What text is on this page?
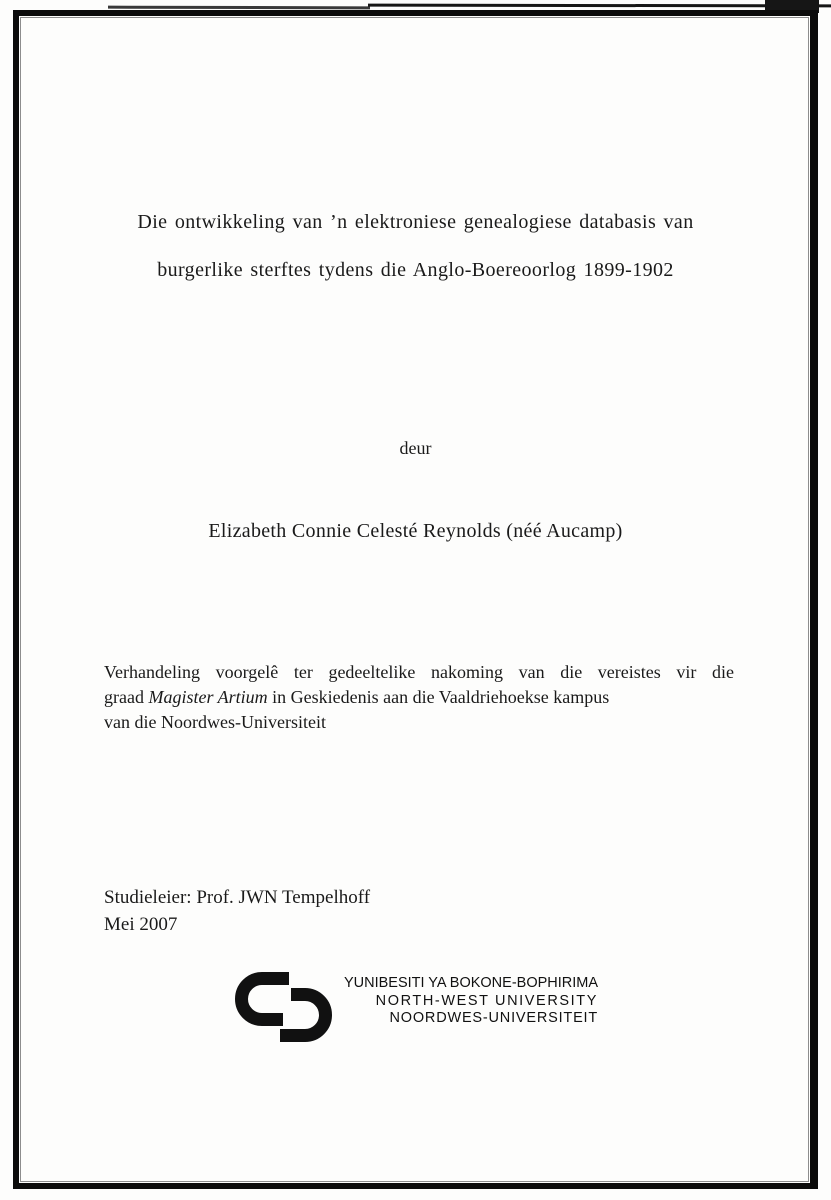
Die ontwikkeling van ’n elektroniese genealogiese databasis van
burgerlike sterftes tydens die Anglo-Boereoorlog 1899-1902

deur

Elizabeth Connie Celesté Reynolds (néé Aucamp)

Verhandeling voorgelê ter gedeeltelike nakoming van die vereistes vir die

graad Magister Artium in Geskiedenis aan die Vaaldriehoekse kampus

van die Noordwes-Universiteit

Studieleier: Prof. JWN Tempelhoff

Mei 2007

YUNIBESITI YA BOKONE-BOPHIRIMA
NORTH-WEST UNIVERSITY
NOORDWES-UNIVERSITEIT
